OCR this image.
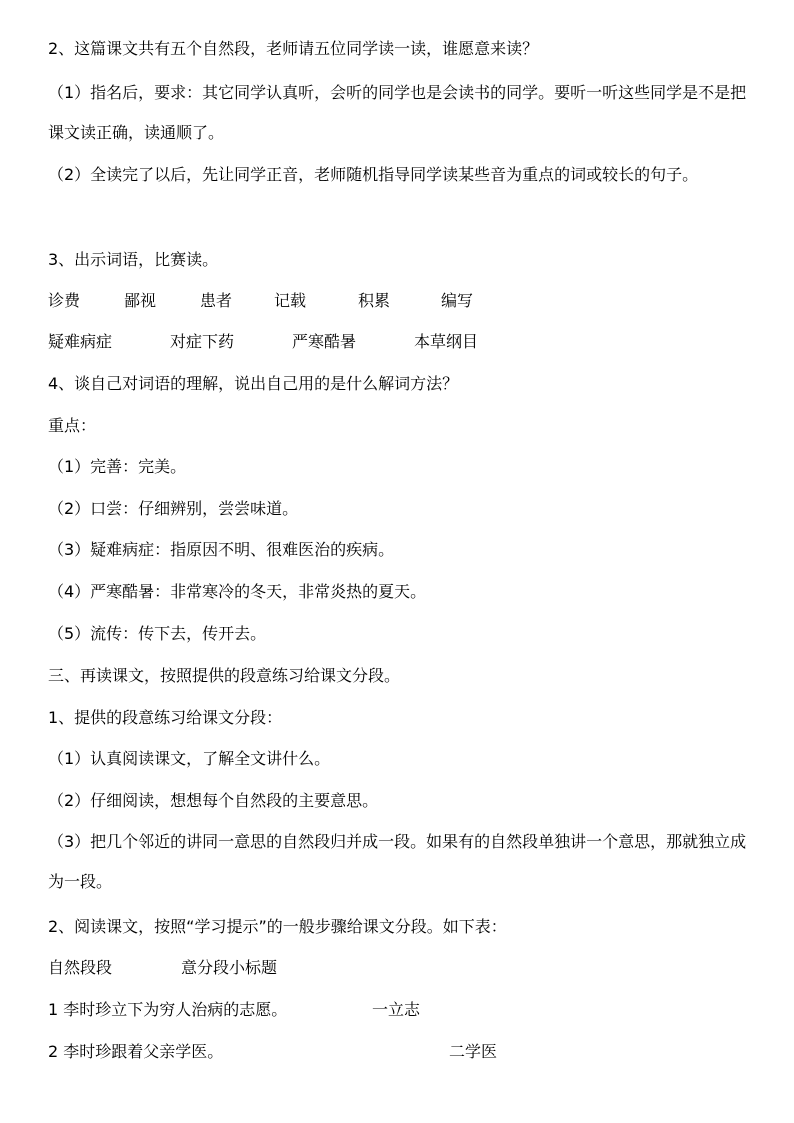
2、这篇课文共有五个自然段，老师请五位同学读一读，谁愿意来读？
（1）指名后，要求：其它同学认真听，会听的同学也是会读书的同学。要听一听这些同学是不是把课文读正确，读通顺了。
（2）全读完了以后，先让同学正音，老师随机指导同学读某些音为重点的词或较长的句子。
3、出示词语，比赛读。
诊费	鄙视	患者	记载	积累	编写
疑难病症	对症下药	严寒酷暑	本草纲目
4、谈自己对词语的理解，说出自己用的是什么解词方法？
重点：
（1）完善：完美。
（2）口尝：仔细辨别，尝尝味道。
（3）疑难病症：指原因不明、很难医治的疾病。
（4）严寒酷暑：非常寒冷的冬天，非常炎热的夏天。
（5）流传：传下去，传开去。
三、再读课文，按照提供的段意练习给课文分段。
1、提供的段意练习给课文分段：
（1）认真阅读课文，了解全文讲什么。
（2）仔细阅读，想想每个自然段的主要意思。
（3）把几个邻近的讲同一意思的自然段归并成一段。如果有的自然段单独讲一个意思，那就独立成为一段。
2、阅读课文，按照“学习提示”的一般步骤给课文分段。如下表：
自然段段	意分段小标题
1 李时珍立下为穷人治病的志愿。	一立志
2 李时珍跟着父亲学医。	二学医
